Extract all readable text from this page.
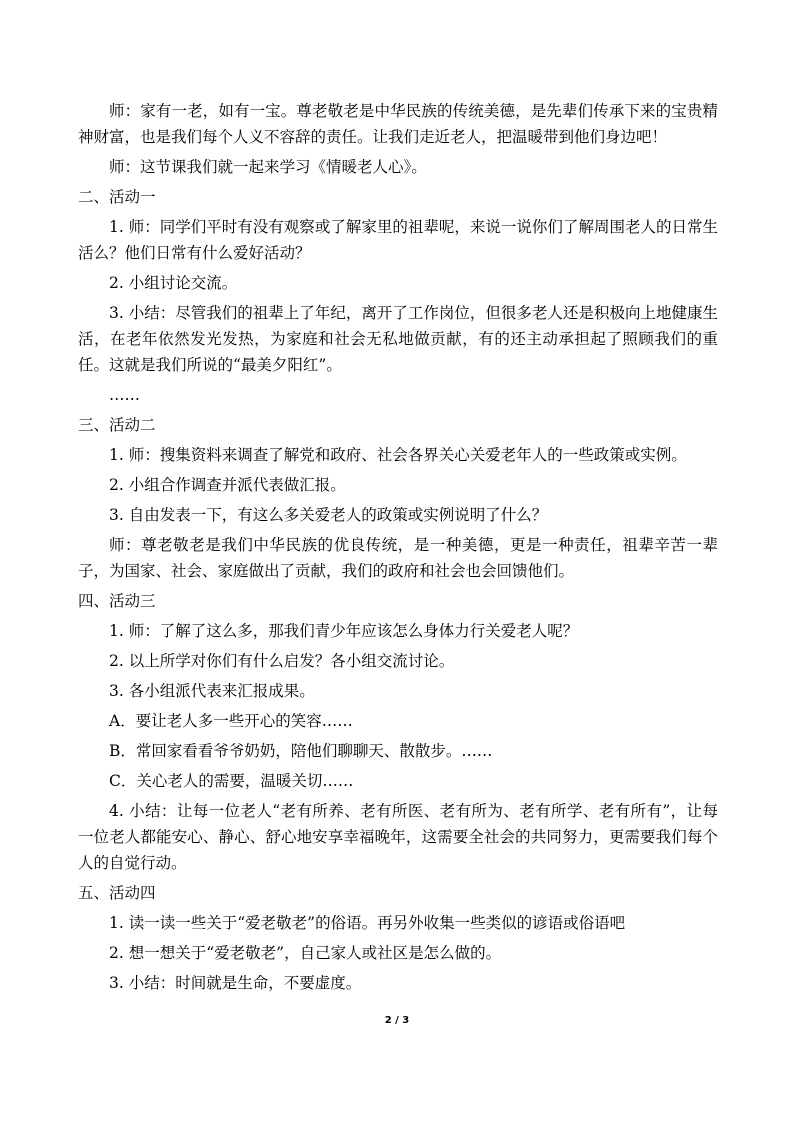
师：家有一老，如有一宝。尊老敬老是中华民族的传统美德，是先辈们传承下来的宝贵精神财富，也是我们每个人义不容辞的责任。让我们走近老人，把温暖带到他们身边吧！

师：这节课我们就一起来学习《情暖老人心》。

二、活动一

1. 师：同学们平时有没有观察或了解家里的祖辈呢，来说一说你们了解周围老人的日常生活么？他们日常有什么爱好活动？

2. 小组讨论交流。

3. 小结：尽管我们的祖辈上了年纪，离开了工作岗位，但很多老人还是积极向上地健康生活，在老年依然发光发热，为家庭和社会无私地做贡献，有的还主动承担起了照顾我们的重任。这就是我们所说的“最美夕阳红”。

……

三、活动二

1. 师：搜集资料来调查了解党和政府、社会各界关心关爱老年人的一些政策或实例。

2. 小组合作调查并派代表做汇报。

3. 自由发表一下，有这么多关爱老人的政策或实例说明了什么？

师：尊老敬老是我们中华民族的优良传统，是一种美德，更是一种责任，祖辈辛苦一辈子，为国家、社会、家庭做出了贡献，我们的政府和社会也会回馈他们。

四、活动三

1. 师：了解了这么多，那我们青少年应该怎么身体力行关爱老人呢？

2. 以上所学对你们有什么启发？各小组交流讨论。

3. 各小组派代表来汇报成果。

A．要让老人多一些开心的笑容……

B．常回家看看爷爷奶奶，陪他们聊聊天、散散步。……

C．关心老人的需要，温暖关切……

4. 小结：让每一位老人“老有所养、老有所医、老有所为、老有所学、老有所有”，让每一位老人都能安心、静心、舒心地安享幸福晚年，这需要全社会的共同努力，更需要我们每个人的自觉行动。

五、活动四

1. 读一读一些关于“爱老敬老”的俗语。再另外收集一些类似的谚语或俗语吧

2. 想一想关于“爱老敬老”，自己家人或社区是怎么做的。

3. 小结：时间就是生命，不要虚度。

2 / 3
